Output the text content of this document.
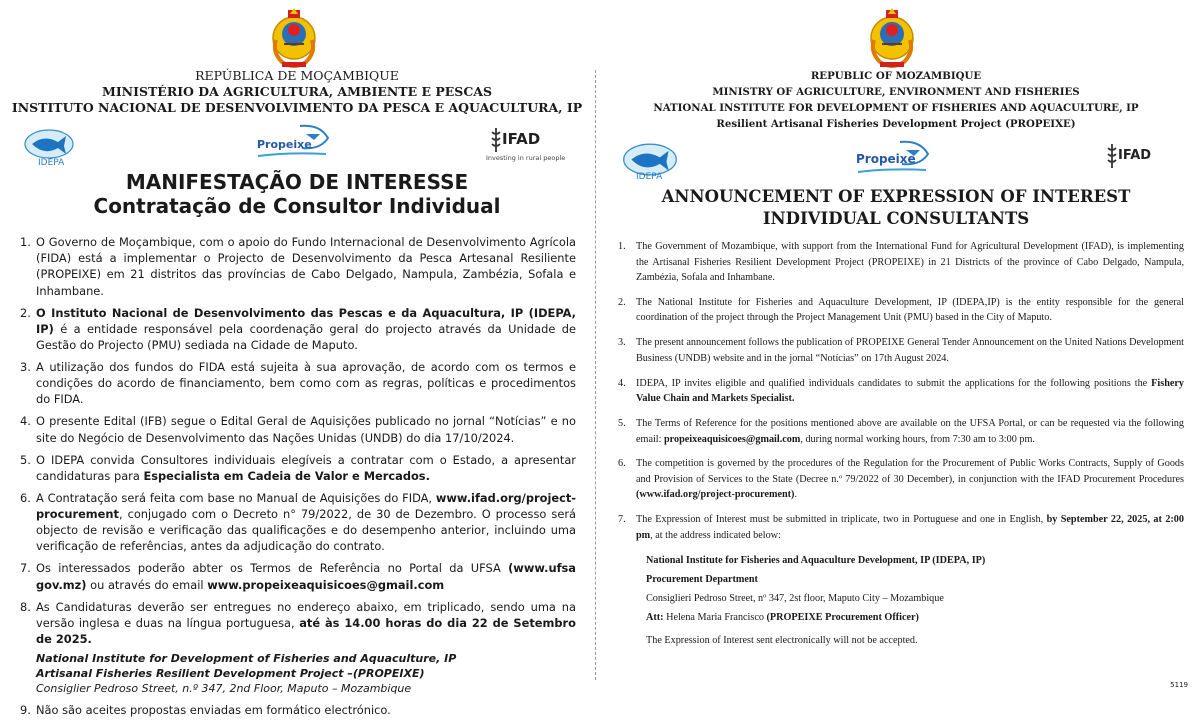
REPÚBLICA DE MOÇAMBIQUE
MINISTÉRIO DA AGRICULTURA, AMBIENTE E PESCAS
INSTITUTO NACIONAL DE DESENVOLVIMENTO DA PESCA E AQUACULTURA, IP
IDEPA
Propeixe	IFAD
Investing in rural people
MANIFESTAÇÃO DE INTERESSE
Contratação de Consultor Individual
1. O Governo de Moçambique, com o apoio do Fundo Internacional de Desenvolvimento Agrícola (FIDA) está a implementar o Projecto de Desenvolvimento da Pesca Artesanal Resiliente (PROPEIXE) em 21 distritos das províncias de Cabo Delgado, Nampula, Zambézia, Sofala e Inhambane.
2. O Instituto Nacional de Desenvolvimento das Pescas e da Aquacultura, IP (IDEPA, IP) é a entidade responsável pela coordenação geral do projecto através da Unidade de Gestão do Projecto (PMU) sediada na Cidade de Maputo.
3. A utilização dos fundos do FIDA está sujeita à sua aprovação, de acordo com os termos e condições do acordo de financiamento, bem como com as regras, políticas e procedimentos do FIDA.
4. O presente Edital (IFB) segue o Edital Geral de Aquisições publicado no jornal “Notícias” e no site do Negócio de Desenvolvimento das Nações Unidas (UNDB) do dia 17/10/2024.
5. O IDEPA convida Consultores individuais elegíveis a contratar com o Estado, a apresentar candidaturas para Especialista em Cadeia de Valor e Mercados.
6. A Contratação será feita com base no Manual de Aquisições do FIDA, www.ifad.org/project-procurement, conjugado com o Decreto n° 79/2022, de 30 de Dezembro. O processo será objecto de revisão e verificação das qualificações e do desempenho anterior, incluindo uma verificação de referências, antes da adjudicação do contrato.
7. Os interessados poderão abter os Termos de Referência no Portal da UFSA (www.ufsa gov.mz) ou através do email www.propeixeaquisicoes@gmail.com
8. As Candidaturas deverão ser entregues no endereço abaixo, em triplicado, sendo uma na versão inglesa e duas na língua portuguesa, até às 14.00 horas do dia 22 de Setembro de 2025.
National Institute for Development of Fisheries and Aquaculture, IP
Artisanal Fisheries Resilient Development Project –(PROPEIXE)
Consiglier Pedroso Street, n.º 347, 2nd Floor, Maputo – Mozambique
9. Não são aceites propostas enviadas em formático electrónico.
REPUBLIC OF MOZAMBIQUE
MINISTRY OF AGRICULTURE, ENVIRONMENT AND FISHERIES
NATIONAL INSTITUTE FOR DEVELOPMENT OF FISHERIES AND AQUACULTURE, IP
Resilient Artisanal Fisheries Development Project (PROPEIXE)
IDEPA
Propeixe	IFAD
ANNOUNCEMENT OF EXPRESSION OF INTEREST
INDIVIDUAL CONSULTANTS
1. The Government of Mozambique, with support from the International Fund for Agricultural Development (IFAD), is implementing the Artisanal Fisheries Resilient Development Project (PROPEIXE) in 21 Districts of the province of Cabo Delgado, Nampula, Zambézia, Sofala and Inhambane.
2. The National Institute for Fisheries and Aquaculture Development, IP (IDEPA,IP) is the entity responsible for the general coordination of the project through the Project Management Unit (PMU) based in the City of Maputo.
3. The present announcement follows the publication of PROPEIXE General Tender Announcement on the United Nations Development Business (UNDB) website and in the jornal “Notícias” on 17th August 2024.
4. IDEPA, IP invites eligible and qualified individuals candidates to submit the applications for the following positions the Fishery Value Chain and Markets Specialist.
5. The Terms of Reference for the positions mentioned above are available on the UFSA Portal, or can be requested via the following email: propeixeaquisicoes@gmail.com, during normal working hours, from 7:30 am to 3:00 pm.
6. The competition is governed by the procedures of the Regulation for the Procurement of Public Works Contracts, Supply of Goods and Provision of Services to the State (Decree n.º 79/2022 of 30 December), in conjunction with the IFAD Procurement Procedures (www.ifad.org/project-procurement).
7. The Expression of Interest must be submitted in triplicate, two in Portuguese and one in English, by September 22, 2025, at 2:00 pm, at the address indicated below:
National Institute for Fisheries and Aquaculture Development, IP (IDEPA, IP)
Procurement Department
Consiglieri Pedroso Street, nº 347, 2st floor, Maputo City – Mozambique
Att: Helena Maria Francisco (PROPEIXE Procurement Officer)
The Expression of Interest sent electronically will not be accepted.
5119
